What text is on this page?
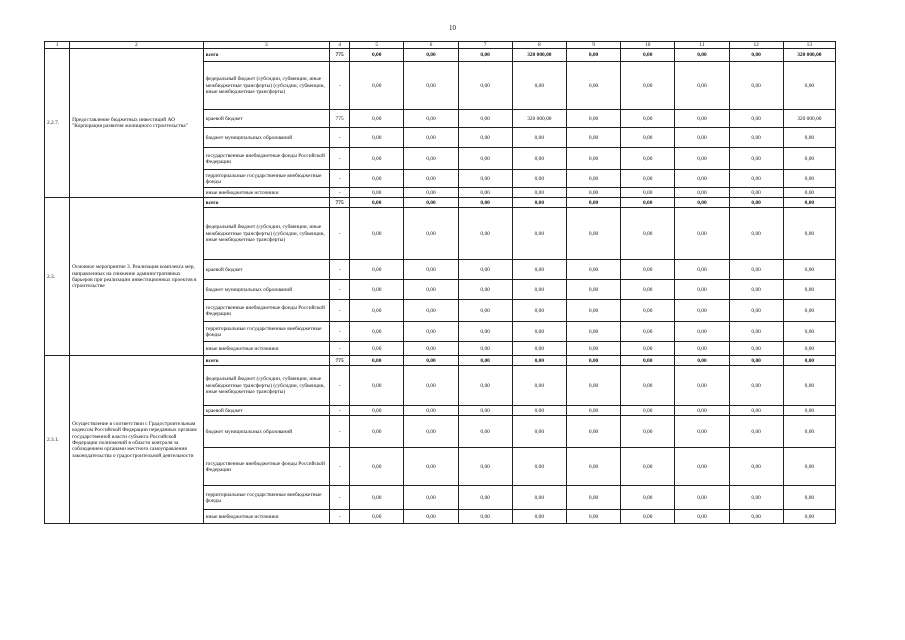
10
1	2	3	4	5	6	7	8	9	10	11	12	13
2.2.7.	Предоставление бюджетных инвестиций АО "Корпорация развития жилищного строительства"	всего	775	0,00	0,00	0,00	320 000,00	0,00	0,00	0,00	0,00	320 000,00
		федеральный бюджет (субсидии, субвенции, иные межбюджетные трансферты) (субсидии, субвенции, иные межбюджетные трансферты)	-	0,00	0,00	0,00	0,00	0,00	0,00	0,00	0,00	0,00
		краевой бюджет	775	0,00	0,00	0,00	320 000,00	0,00	0,00	0,00	0,00	320 000,00
		бюджет муниципальных образований	-	0,00	0,00	0,00	0,00	0,00	0,00	0,00	0,00	0,00
		государственные внебюджетные фонды Российской Федерации	-	0,00	0,00	0,00	0,00	0,00	0,00	0,00	0,00	0,00
		территориальные государственные внебюджетные фонды	-	0,00	0,00	0,00	0,00	0,00	0,00	0,00	0,00	0,00
		иные внебюджетные источники	-	0,00	0,00	0,00	0,00	0,00	0,00	0,00	0,00	0,00
2.3.	Основное мероприятие 3. Реализация комплекса мер, направленных на снижение административных барьеров при реализации инвестиционных проектов в строительстве	всего	775	0,00	0,00	0,00	0,00	0,00	0,00	0,00	0,00	0,00
		федеральный бюджет (субсидии, субвенции, иные межбюджетные трансферты) (субсидии, субвенции, иные межбюджетные трансферты)	-	0,00	0,00	0,00	0,00	0,00	0,00	0,00	0,00	0,00
		краевой бюджет	-	0,00	0,00	0,00	0,00	0,00	0,00	0,00	0,00	0,00
		бюджет муниципальных образований	-	0,00	0,00	0,00	0,00	0,00	0,00	0,00	0,00	0,00
		государственные внебюджетные фонды Российской Федерации	-	0,00	0,00	0,00	0,00	0,00	0,00	0,00	0,00	0,00
		территориальные государственные внебюджетные фонды	-	0,00	0,00	0,00	0,00	0,00	0,00	0,00	0,00	0,00
		иные внебюджетные источники	-	0,00	0,00	0,00	0,00	0,00	0,00	0,00	0,00	0,00
2.3.1.	Осуществление в соответствии с Градостроительным кодексом Российской Федерации переданных органам государственной власти субъекта Российской Федерации полномочий в области контроля за соблюдением органами местного самоуправления законодательства о градостроительной деятельности	всего	775	0,00	0,00	0,00	0,00	0,00	0,00	0,00	0,00	0,00
		федеральный бюджет (субсидии, субвенции, иные межбюджетные трансферты) (субсидии, субвенции, иные межбюджетные трансферты)	-	0,00	0,00	0,00	0,00	0,00	0,00	0,00	0,00	0,00
		краевой бюджет	-	0,00	0,00	0,00	0,00	0,00	0,00	0,00	0,00	0,00
		бюджет муниципальных образований	-	0,00	0,00	0,00	0,00	0,00	0,00	0,00	0,00	0,00
		государственные внебюджетные фонды Российской Федерации	-	0,00	0,00	0,00	0,00	0,00	0,00	0,00	0,00	0,00
		территориальные государственные внебюджетные фонды	-	0,00	0,00	0,00	0,00	0,00	0,00	0,00	0,00	0,00
		иные внебюджетные источники	-	0,00	0,00	0,00	0,00	0,00	0,00	0,00	0,00	0,00
